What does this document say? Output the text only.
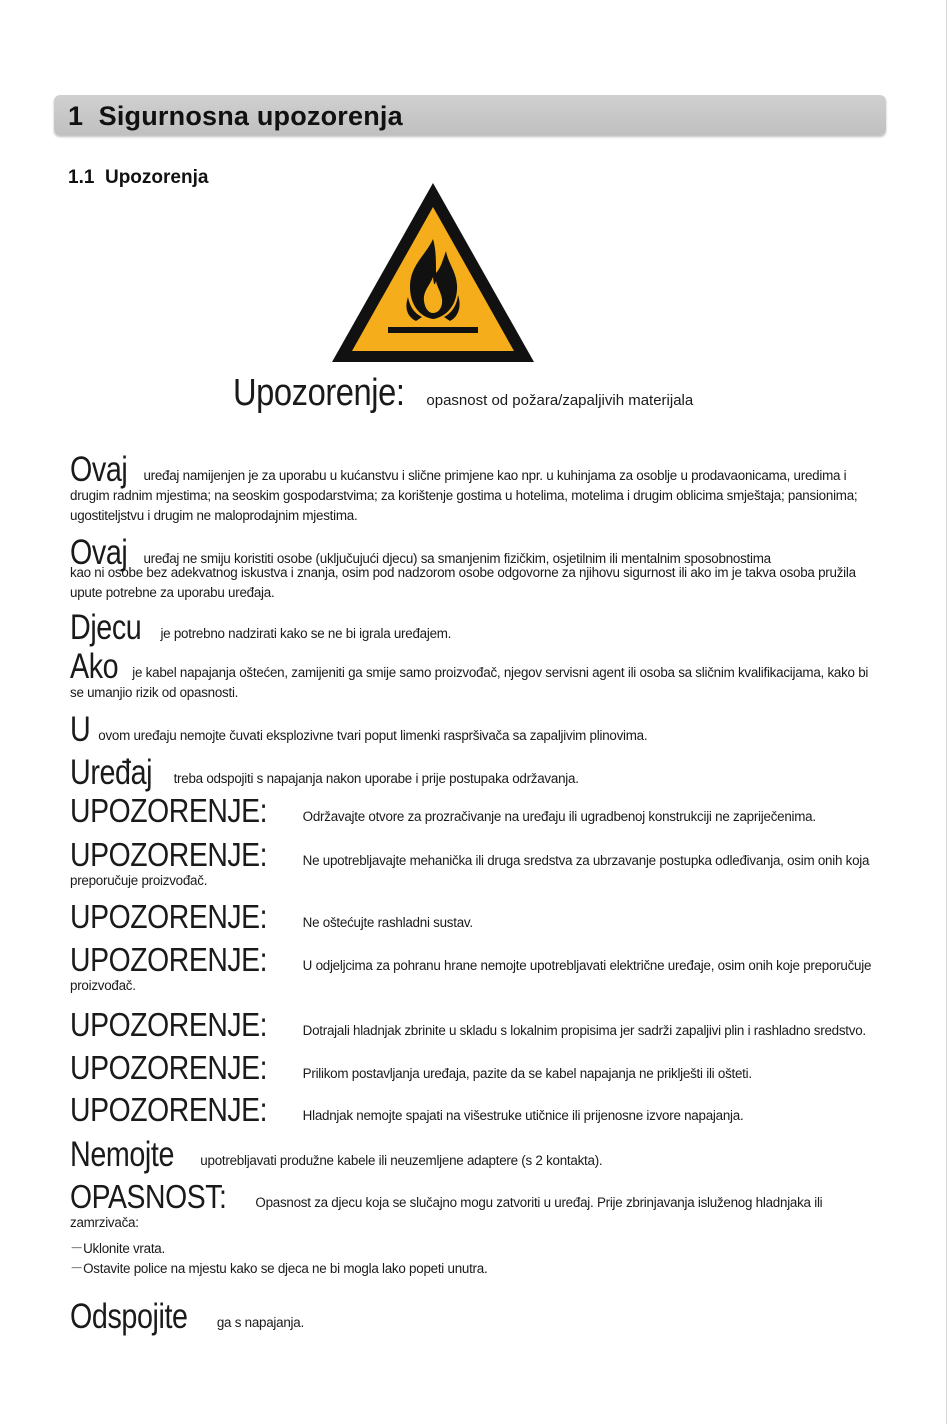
1 Sigurnosna upozorenja
1.1 Upozorenja
Upozorenje: opasnost od požara/zapaljivih materijala
Ovaj uređaj namijenjen je za uporabu u kućanstvu i slične primjene kao npr. u kuhinjama za osoblje u prodavaonicama, uredima i drugim radnim mjestima; na seoskim gospodarstvima; za korištenje gostima u hotelima, motelima i drugim oblicima smještaja; pansionima; ugostiteljstvu i drugim ne maloprodajnim mjestima.
Ovaj uređaj ne smiju koristiti osobe (uključujući djecu) sa smanjenim fizičkim, osjetilnim ili mentalnim sposobnostima
kao ni osobe bez adekvatnog iskustva i znanja, osim pod nadzorom osobe odgovorne za njihovu sigurnost ili ako im je takva osoba pružila upute potrebne za uporabu uređaja.
Djecu je potrebno nadzirati kako se ne bi igrala uređajem.
Ako je kabel napajanja oštećen, zamijeniti ga smije samo proizvođač, njegov servisni agent ili osoba sa sličnim kvalifikacijama, kako bi se umanjio rizik od opasnosti.
U ovom uređaju nemojte čuvati eksplozivne tvari poput limenki raspršivača sa zapaljivim plinovima.
Uređaj treba odspojiti s napajanja nakon uporabe i prije postupaka održavanja.
UPOZORENJE: Održavajte otvore za prozračivanje na uređaju ili ugradbenoj konstrukciji ne zapriječenima.
UPOZORENJE: Ne upotrebljavajte mehanička ili druga sredstva za ubrzavanje postupka odleđivanja, osim onih koja preporučuje proizvođač.
UPOZORENJE: Ne oštećujte rashladni sustav.
UPOZORENJE: U odjeljcima za pohranu hrane nemojte upotrebljavati električne uređaje, osim onih koje preporučuje proizvođač.
UPOZORENJE: Dotrajali hladnjak zbrinite u skladu s lokalnim propisima jer sadrži zapaljivi plin i rashladno sredstvo.
UPOZORENJE: Prilikom postavljanja uređaja, pazite da se kabel napajanja ne priklješti ili ošteti.
UPOZORENJE: Hladnjak nemojte spajati na višestruke utičnice ili prijenosne izvore napajanja.
Nemojte upotrebljavati produžne kabele ili neuzemljene adaptere (s 2 kontakta).
OPASNOST: Opasnost za djecu koja se slučajno mogu zatvoriti u uređaj. Prije zbrinjavanja isluženog hladnjaka ili zamrzivača:
－Uklonite vrata.
－Ostavite police na mjestu kako se djeca ne bi mogla lako popeti unutra.
Odspojite ga s napajanja.
